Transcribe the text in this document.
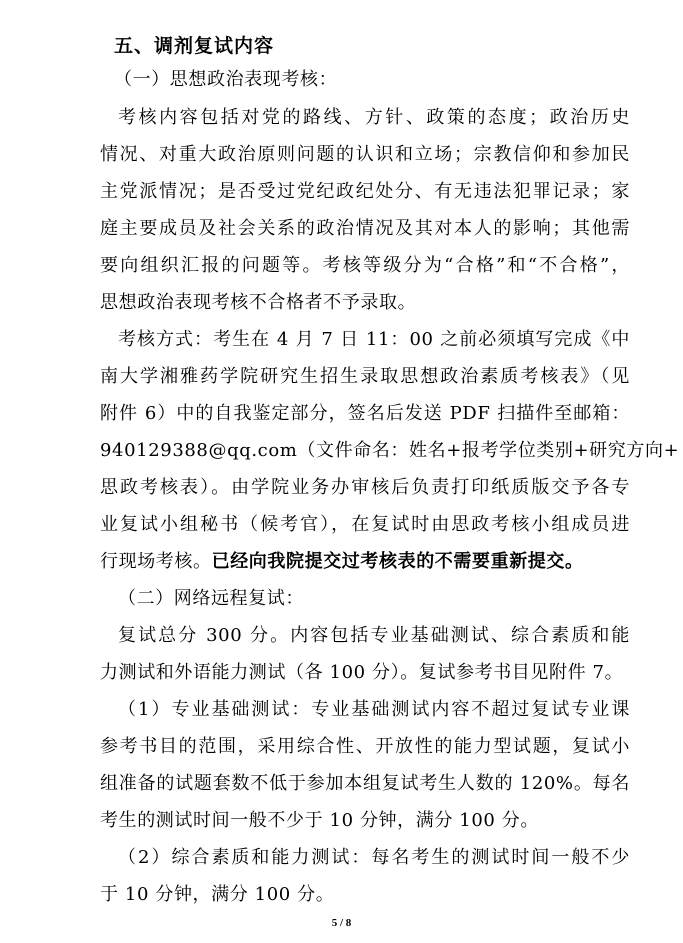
五、调剂复试内容
（一）思想政治表现考核：
考核内容包括对党的路线、方针、政策的态度；政治历史
情况、对重大政治原则问题的认识和立场；宗教信仰和参加民
主党派情况；是否受过党纪政纪处分、有无违法犯罪记录；家
庭主要成员及社会关系的政治情况及其对本人的影响；其他需
要向组织汇报的问题等。考核等级分为“合格”和“不合格”，
思想政治表现考核不合格者不予录取。
考核方式：考生在 4 月 7 日 11：00 之前必须填写完成《中
南大学湘雅药学院研究生招生录取思想政治素质考核表》（见
附件 6）中的自我鉴定部分，签名后发送 PDF 扫描件至邮箱：
940129388@qq.com（文件命名：姓名+报考学位类别+研究方向+
思政考核表）。由学院业务办审核后负责打印纸质版交予各专
业复试小组秘书（候考官），在复试时由思政考核小组成员进
行现场考核。已经向我院提交过考核表的不需要重新提交。
（二）网络远程复试：
复试总分 300 分。内容包括专业基础测试、综合素质和能
力测试和外语能力测试（各 100 分）。复试参考书目见附件 7。
（1）专业基础测试：专业基础测试内容不超过复试专业课
参考书目的范围，采用综合性、开放性的能力型试题，复试小
组准备的试题套数不低于参加本组复试考生人数的 120%。每名
考生的测试时间一般不少于 10 分钟，满分 100 分。
（2）综合素质和能力测试：每名考生的测试时间一般不少
于 10 分钟，满分 100 分。
5 / 8
